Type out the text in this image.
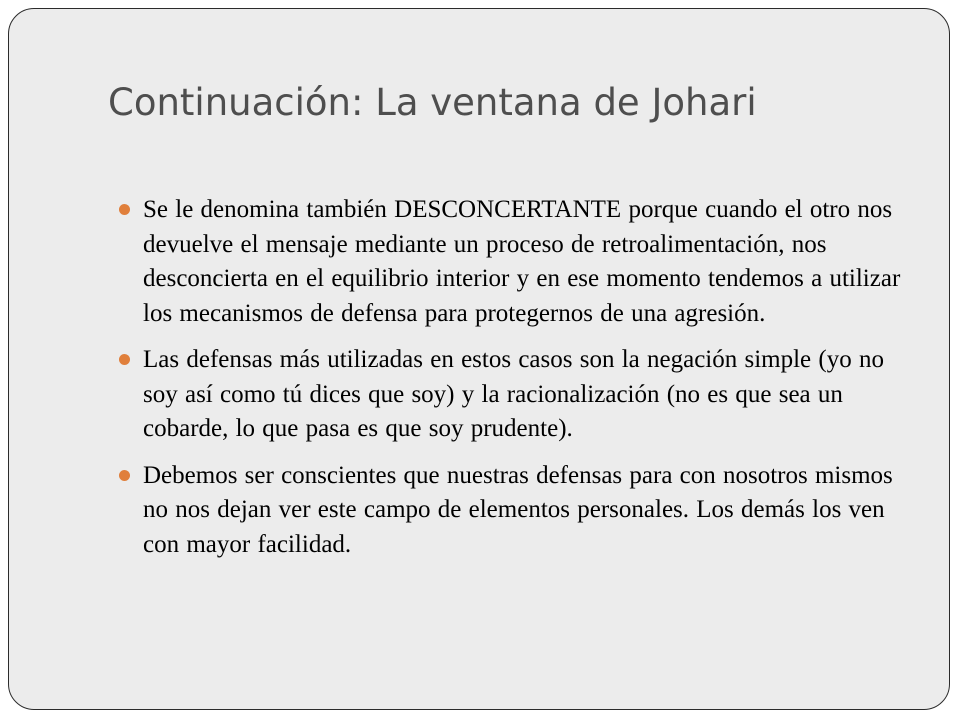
Continuación: La ventana de Johari
Se le denomina también DESCONCERTANTE porque cuando el otro nos devuelve el mensaje mediante un proceso de retroalimentación, nos desconcierta en el equilibrio interior y en ese momento tendemos a utilizar los mecanismos de defensa para protegernos de una agresión.
Las defensas más utilizadas en estos casos son la negación simple (yo no soy así como tú dices que soy) y la racionalización (no es que sea un cobarde, lo que pasa es que soy prudente).
Debemos ser conscientes que nuestras defensas para con nosotros mismos no nos dejan ver este campo de elementos personales. Los demás los ven con mayor facilidad.
